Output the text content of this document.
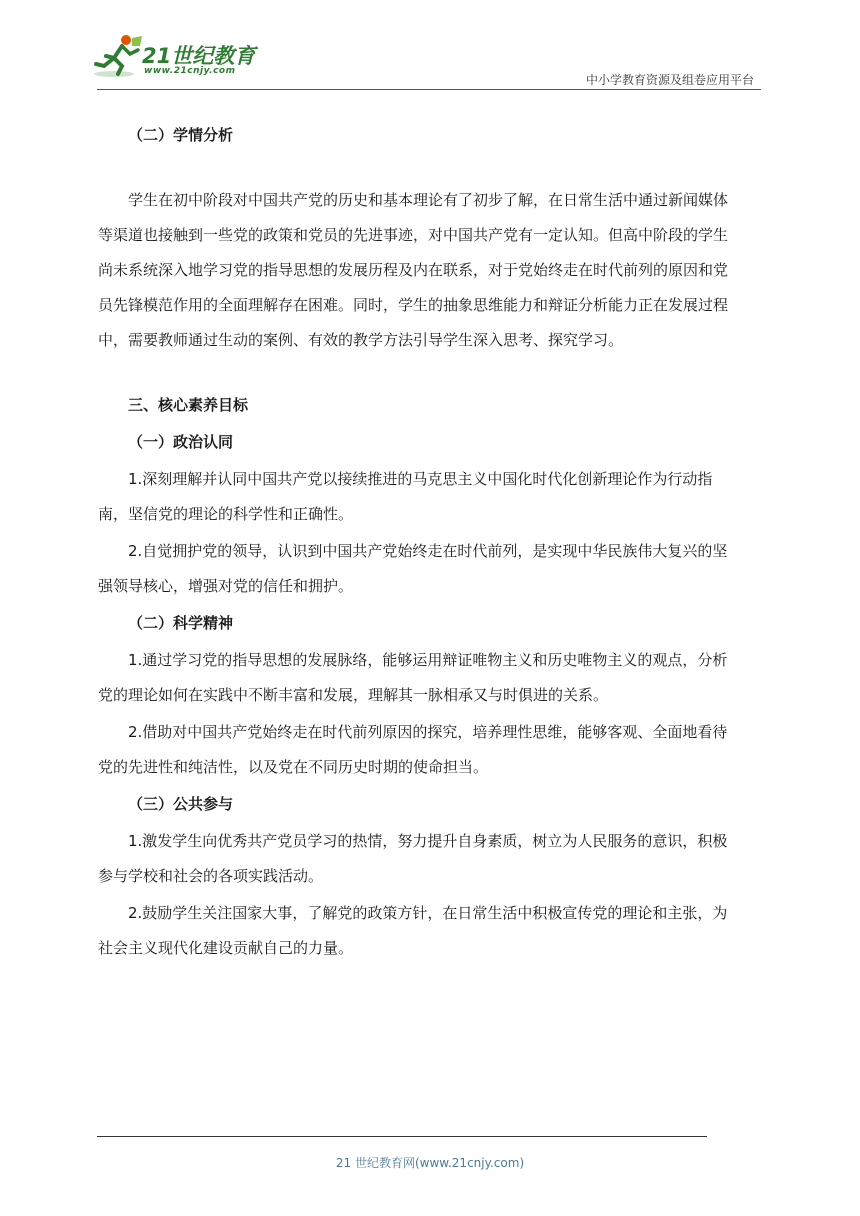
21世纪教育
www.21cnjy.com
中小学教育资源及组卷应用平台
（二）学情分析
学生在初中阶段对中国共产党的历史和基本理论有了初步了解，在日常生活中通过新闻媒体
等渠道也接触到一些党的政策和党员的先进事迹，对中国共产党有一定认知。但高中阶段的学生
尚未系统深入地学习党的指导思想的发展历程及内在联系，对于党始终走在时代前列的原因和党
员先锋模范作用的全面理解存在困难。同时，学生的抽象思维能力和辩证分析能力正在发展过程
中，需要教师通过生动的案例、有效的教学方法引导学生深入思考、探究学习。
三、核心素养目标
（一）政治认同
1.深刻理解并认同中国共产党以接续推进的马克思主义中国化时代化创新理论作为行动指
南，坚信党的理论的科学性和正确性。
2.自觉拥护党的领导，认识到中国共产党始终走在时代前列，是实现中华民族伟大复兴的坚
强领导核心，增强对党的信任和拥护。
（二）科学精神
1.通过学习党的指导思想的发展脉络，能够运用辩证唯物主义和历史唯物主义的观点，分析
党的理论如何在实践中不断丰富和发展，理解其一脉相承又与时俱进的关系。
2.借助对中国共产党始终走在时代前列原因的探究，培养理性思维，能够客观、全面地看待
党的先进性和纯洁性，以及党在不同历史时期的使命担当。
（三）公共参与
1.激发学生向优秀共产党员学习的热情，努力提升自身素质，树立为人民服务的意识，积极
参与学校和社会的各项实践活动。
2.鼓励学生关注国家大事，了解党的政策方针，在日常生活中积极宣传党的理论和主张，为
社会主义现代化建设贡献自己的力量。
21 世纪教育网(www.21cnjy.com)
